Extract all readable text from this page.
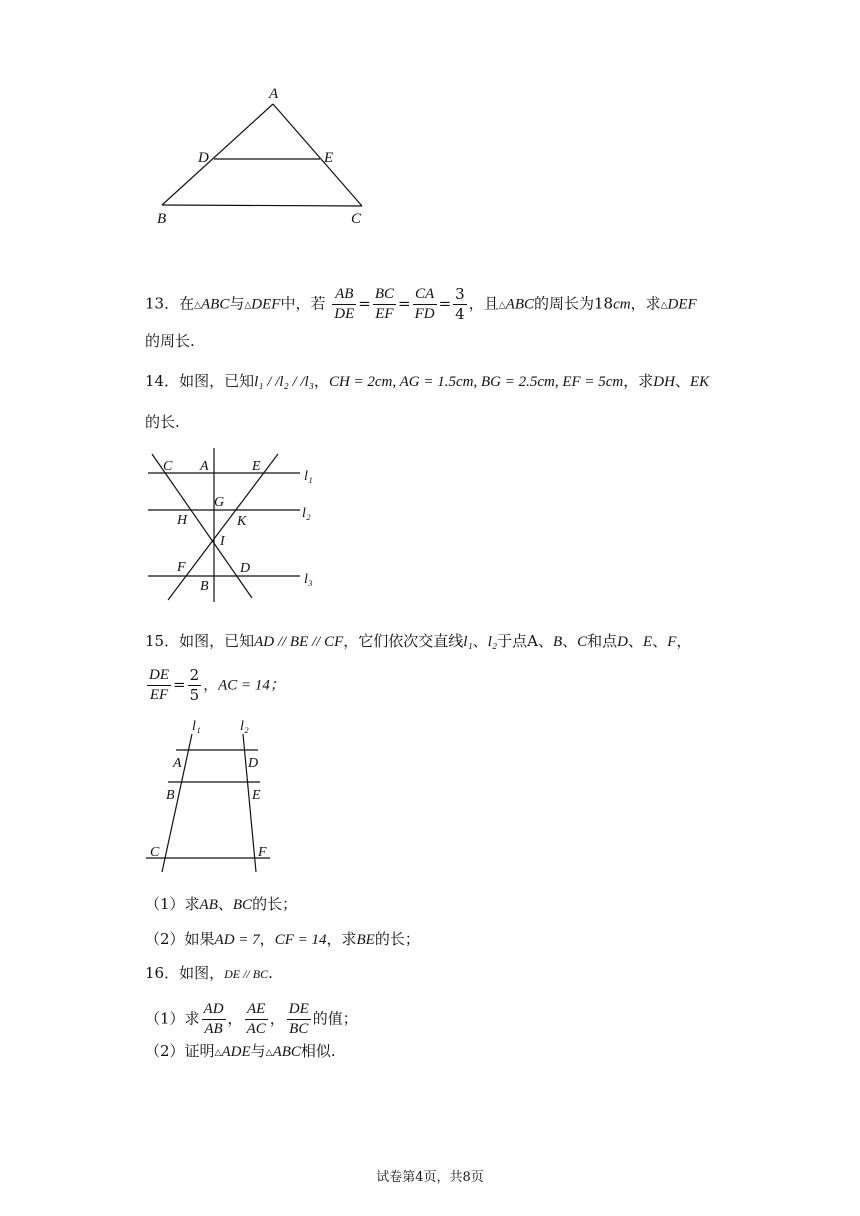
A
D	E
B	C
13．在△ABC与△DEF中，若 $\frac{AB}{DE} = \frac{BC}{EF} = \frac{CA}{FD} = \frac{3}{4}$ ，且△ABC的周长为18cm，求△DEF
的周长.
14．如图，已知l₁ / /l₂ / /l₃，CH = 2cm, AG = 1.5cm, BG = 2.5cm, EF = 5cm，求DH、EK
的长.
C A	E
l₁
G
l₂
H	K
I
F	D
l₃
B
15．如图，已知AD // BE // CF，它们依次交直线l₁、l₂于点A、B、C和点D、E、F，
$\frac{DE}{EF} = \frac{2}{5}$ ，AC = 14；
l₁	l₂
A	D
B	E
C	F
（1）求AB、BC的长；
（2）如果AD = 7，CF = 14，求BE的长；
16．如图，DE // BC.
（1）求 $\frac{AD}{AB}$ ， $\frac{AE}{AC}$ ， $\frac{DE}{BC}$ 的值；
（2）证明△ADE与△ABC相似.
试卷第4页，共8页
